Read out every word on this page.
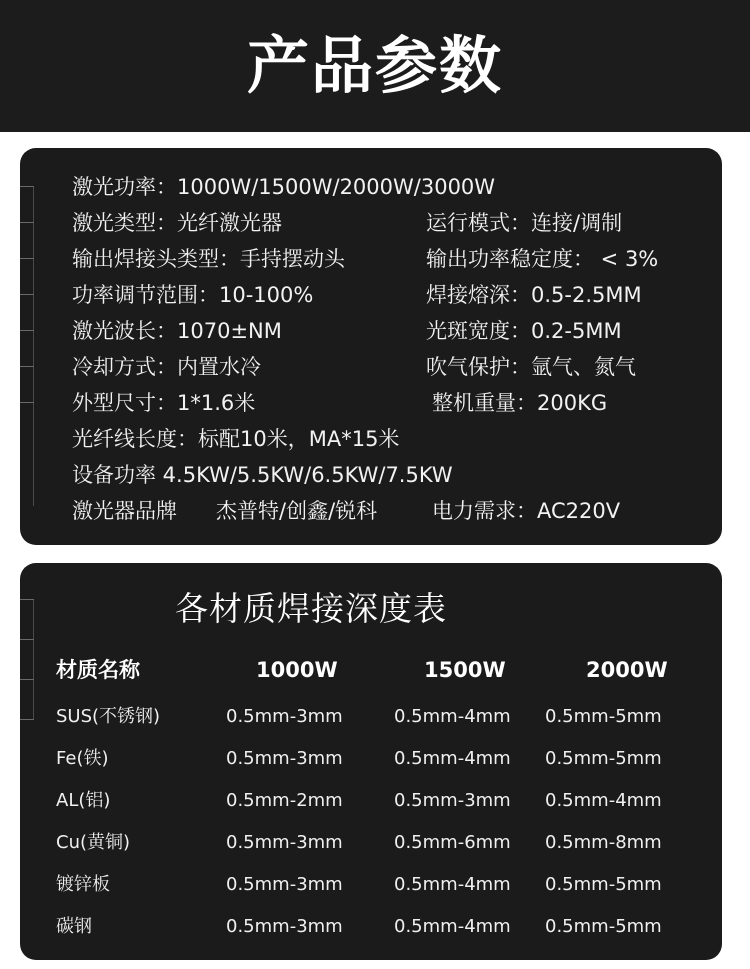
产品参数
激光功率：1000W/1500W/2000W/3000W
激光类型：光纤激光器	运行模式：连接/调制
输出焊接头类型：手持摆动头	输出功率稳定度： < 3%
功率调节范围：10-100%	焊接熔深：0.5-2.5MM
激光波长：1070±NM	光斑宽度：0.2-5MM
冷却方式：内置水冷	吹气保护：氩气、氮气
外型尺寸：1*1.6米	整机重量：200KG
光纤线长度：标配10米，MA*15米
设备功率 4.5KW/5.5KW/6.5KW/7.5KW
激光器品牌 杰普特/创鑫/锐科	电力需求：AC220V
各材质焊接深度表
材质名称	1000W	1500W	2000W
SUS(不锈钢)	0.5mm-3mm	0.5mm-4mm 0.5mm-5mm
Fe(铁)	0.5mm-3mm	0.5mm-4mm 0.5mm-5mm
AL(铝)	0.5mm-2mm	0.5mm-3mm 0.5mm-4mm
Cu(黄铜)	0.5mm-3mm	0.5mm-6mm 0.5mm-8mm
镀锌板	0.5mm-3mm	0.5mm-4mm 0.5mm-5mm
碳钢	0.5mm-3mm	0.5mm-4mm 0.5mm-5mm
